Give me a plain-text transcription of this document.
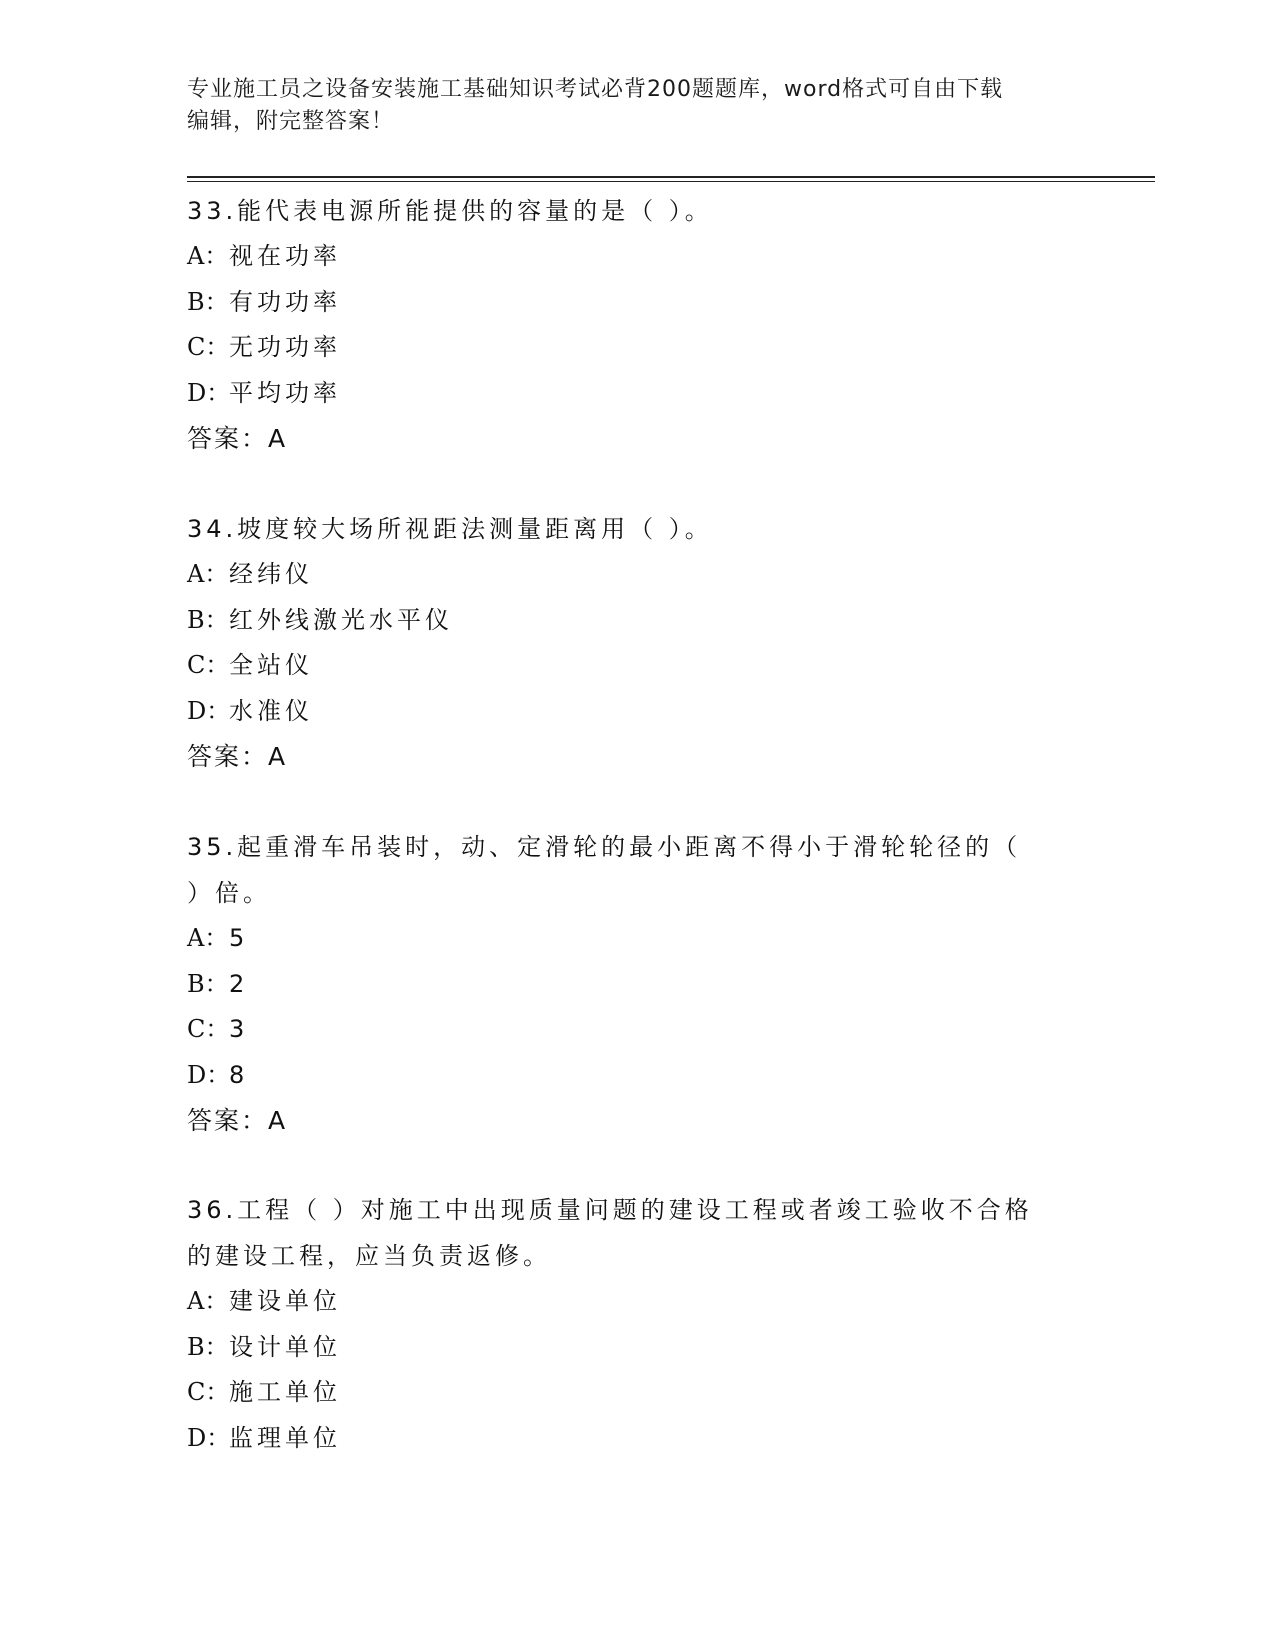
专业施工员之设备安装施工基础知识考试必背200题题库，word格式可自由下载
编辑，附完整答案！

33.能代表电源所能提供的容量的是（ ）。

A：视在功率

B：有功功率

C：无功功率

D：平均功率

答案：A

34.坡度较大场所视距法测量距离用（ ）。

A：经纬仪

B：红外线激光水平仪

C：全站仪

D：水准仪

答案：A

35.起重滑车吊装时，动、定滑轮的最小距离不得小于滑轮轮径的（

）倍。

A：5

B：2

C：3

D：8

答案：A

36.工程（ ）对施工中出现质量问题的建设工程或者竣工验收不合格

的建设工程，应当负责返修。

A：建设单位

B：设计单位

C：施工单位

D：监理单位
